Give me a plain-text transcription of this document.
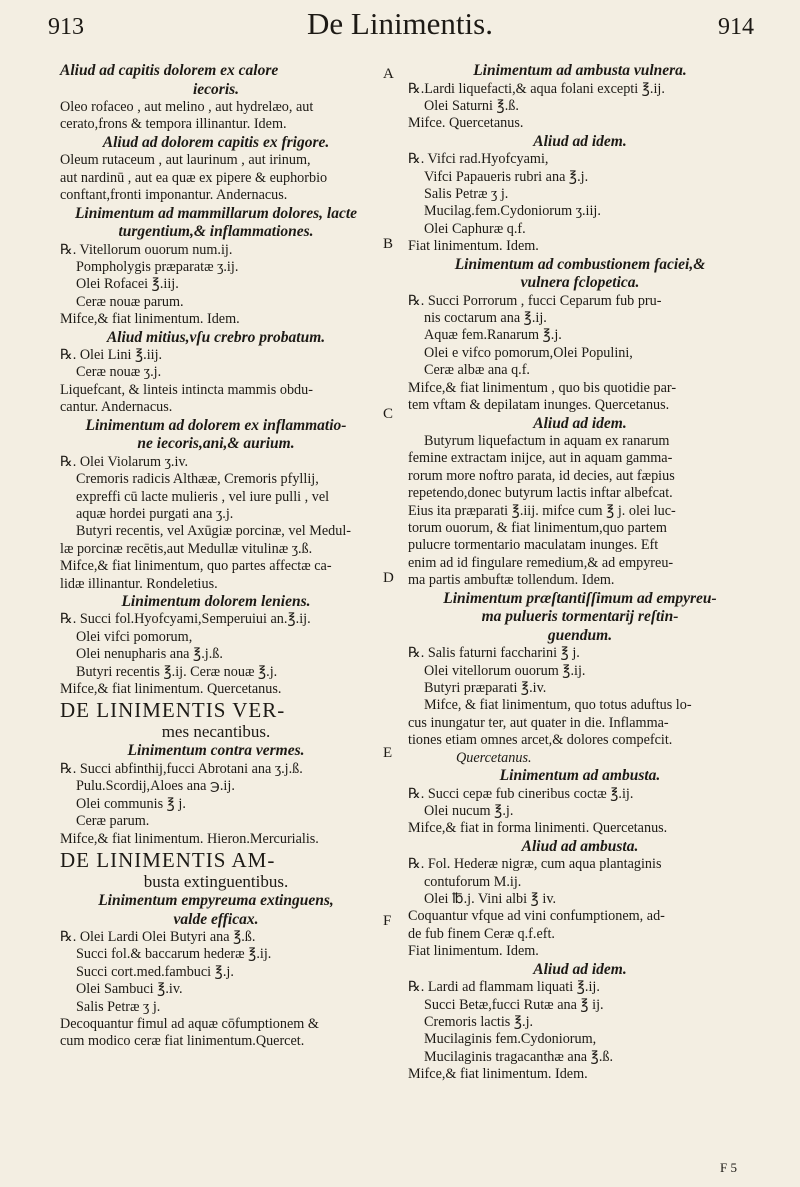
913	De Linimentis.	914

Aliud ad capitis dolorem ex calore

iecoris.

Oleo rofaceo , aut melino , aut hydrelæo, aut

cerato,frons & tempora illinantur. Idem.

Aliud ad dolorem capitis ex frigore.

Oleum rutaceum , aut laurinum , aut irinum,

aut nardinū , aut ea quæ ex pipere & euphorbio

conftant,fronti imponantur. Andernacus.

Linimentum ad mammillarum dolores, lacte

turgentium,& inflammationes.

℞. Vitellorum ouorum num.ij.

Pompholygis præparatæ ʒ.ij.

Olei Rofacei ℥.iij.

Ceræ nouæ parum.

Mifce,& fiat linimentum. Idem.

Aliud mitius,vſu crebro probatum.

℞. Olei Lini ℥.iij.

Ceræ nouæ ʒ.j.

Liquefcant, & linteis intincta mammis obdu-

cantur. Andernacus.

Linimentum ad dolorem ex inflammatio-

ne iecoris,ani,& aurium.

℞. Olei Violarum ʒ.iv.

Cremoris radicis Althææ, Cremoris pfyllij,

expreffi cū lacte mulieris , vel iure pulli , vel

aquæ hordei purgati ana ʒ.j.

Butyri recentis, vel Axūgiæ porcinæ, vel Medul-

læ porcinæ recētis,aut Medullæ vitulinæ ʒ.ß.

Mifce,& fiat linimentum, quo partes affectæ ca-

lidæ illinantur. Rondeletius.

Linimentum dolorem leniens.

℞. Succi fol.Hyofcyami,Semperuiui an.℥.ij.

Olei vifci pomorum,

Olei nenupharis ana ℥.j.ß.

Butyri recentis ℥.ij. Ceræ nouæ ℥.j.

Mifce,& fiat linimentum. Quercetanus.

DE LINIMENTIS VER-

mes necantibus.

Linimentum contra vermes.

℞. Succi abfinthij,fucci Abrotani ana ʒ.j.ß.

Pulu.Scordij,Aloes ana ℈.ij.

Olei communis ℥ j.

Ceræ parum.

Mifce,& fiat linimentum. Hieron.Mercurialis.

DE LINIMENTIS AM-

busta extinguentibus.

Linimentum empyreuma extinguens,

valde efficax.

℞. Olei Lardi Olei Butyri ana ℥.ß.

Succi fol.& baccarum hederæ ℥.ij.

Succi cort.med.fambuci ℥.j.

Olei Sambuci ℥.iv.

Salis Petræ ʒ j.

Decoquantur fimul ad aquæ cōfumptionem &

cum modico ceræ fiat linimentum.Quercet.

Linimentum ad ambusta vulnera.

℞.Lardi liquefacti,& aqua folani excepti ℥.ij.

Olei Saturni ℥.ß.

Mifce. Quercetanus.

Aliud ad idem.

℞. Vifci rad.Hyofcyami,

Vifci Papaueris rubri ana ℥.j.

Salis Petræ ʒ j.

Mucilag.fem.Cydoniorum ʒ.iij.

Olei Caphuræ q.f.

Fiat linimentum. Idem.

Linimentum ad combustionem faciei,&

vulnera fclopetica.

℞. Succi Porrorum , fucci Ceparum fub pru-

nis coctarum ana ℥.ij.

Aquæ fem.Ranarum ℥.j.

Olei e vifco pomorum,Olei Populini,

Ceræ albæ ana q.f.

Mifce,& fiat linimentum , quo bis quotidie par-

tem vftam & depilatam inunges. Quercetanus.

Aliud ad idem.

Butyrum liquefactum in aquam ex ranarum

femine extractam inijce, aut in aquam gamma-

rorum more noftro parata, id decies, aut fæpius

repetendo,donec butyrum lactis inftar albefcat.

Eius ita præparati ℥.iij. mifce cum ℥ j. olei luc-

torum ouorum, & fiat linimentum,quo partem

pulucre tormentario maculatam inunges. Eft

enim ad id fingulare remedium,& ad empyreu-

ma partis ambuftæ tollendum. Idem.

Linimentum præſtantiſſimum ad empyreu-

ma pulueris tormentarij reſtin-

guendum.

℞. Salis faturni faccharini ℥ j.

Olei vitellorum ouorum ℥.ij.

Butyri præparati ℥.iv.

Mifce, & fiat linimentum, quo totus aduftus lo-

cus inungatur ter, aut quater in die. Inflamma-

tiones etiam omnes arcet,& dolores compefcit.

Quercetanus.

Linimentum ad ambusta.

℞. Succi cepæ fub cineribus coctæ ℥.ij.

Olei nucum ℥.j.

Mifce,& fiat in forma linimenti. Quercetanus.

Aliud ad ambusta.

℞. Fol. Hederæ nigræ, cum aqua plantaginis

contuforum M.ij.

Olei ℔.j. Vini albi ℥ iv.

Coquantur vfque ad vini confumptionem, ad-

de fub finem Ceræ q.f.eft.

Fiat linimentum. Idem.

Aliud ad idem.

℞. Lardi ad flammam liquati ℥.ij.

Succi Betæ,fucci Rutæ ana ℥ ij.

Cremoris lactis ℥.j.

Mucilaginis fem.Cydoniorum,

Mucilaginis tragacanthæ ana ℥.ß.

Mifce,& fiat linimentum. Idem.

A
B
C
D
E
F
F 5
